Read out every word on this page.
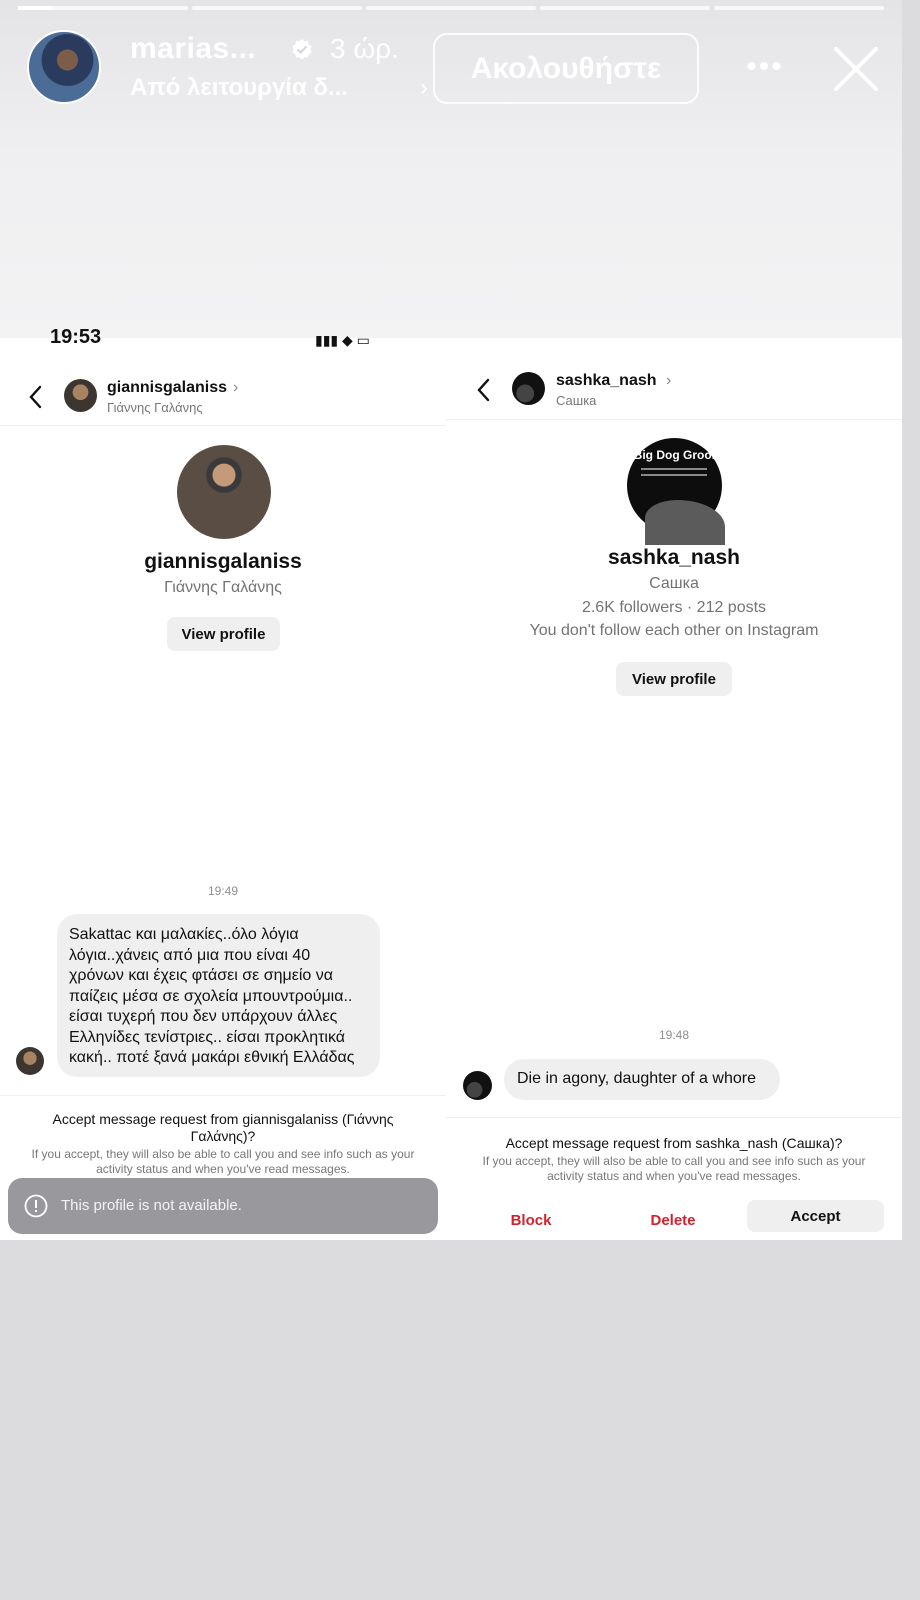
marias...	3 ώρ.
Από λειτουργία δ...	›
Ακολουθήστε	•••
19:53	▮▮▮ ◆ ▭
giannisgalaniss ›
Γιάννης Γαλάνης
giannisgalaniss
Γιάννης Γαλάνης
View profile
19:49
Sakattac και μαλακίες..όλο λόγια
λόγια..χάνεις από μια που είναι 40
χρόνων και έχεις φτάσει σε σημείο να
παίζεις μέσα σε σχολεία μπουντρούμια..
είσαι τυχερή που δεν υπάρχουν άλλες
Ελληνίδες τενίστριες.. είσαι προκλητικά
κακή.. ποτέ ξανά μακάρι εθνική Ελλάδας
Accept message request from giannisgalaniss (Γιάννης Γαλάνης)?
If you accept, they will also be able to call you and see info such as your activity status and when you've read messages.
This profile is not available.
sashka_nash ›
Сашка
Big Dog Groom
sashka_nash
Сашка
2.6K followers · 212 posts
You don't follow each other on Instagram
View profile
19:48
Die in agony, daughter of a whore
Accept message request from sashka_nash (Сашка)?
If you accept, they will also be able to call you and see info such as your activity status and when you've read messages.
Block	Delete	Accept
